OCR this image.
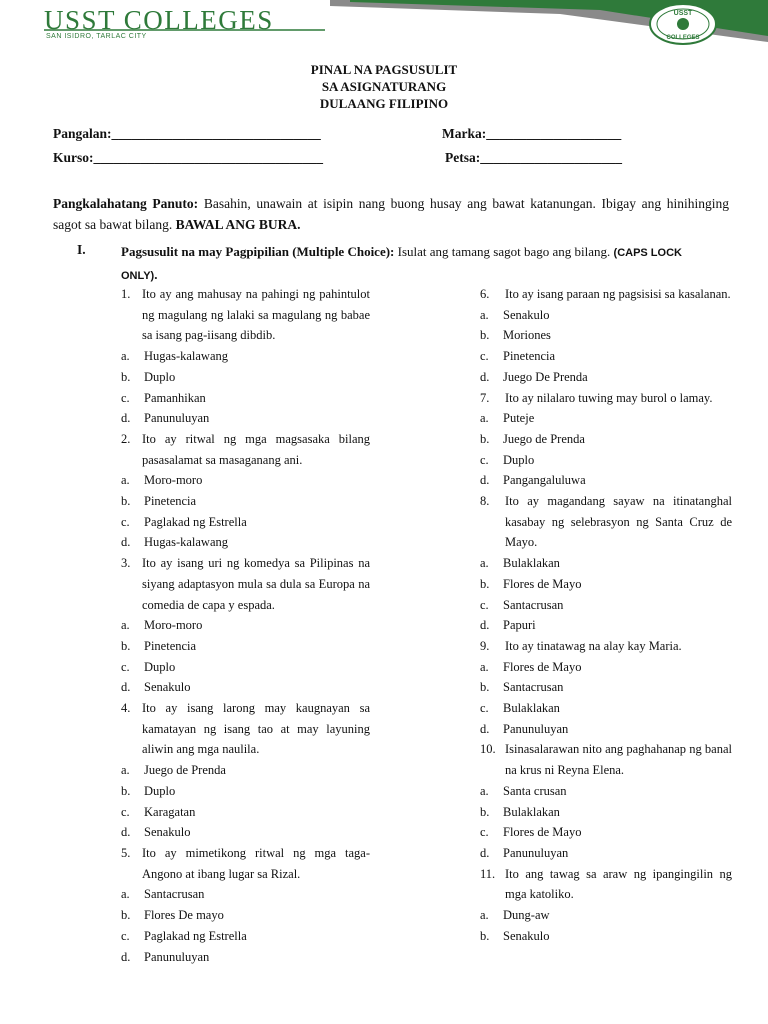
USST COLLEGES
SAN ISIDRO, TARLAC CITY
USST
COLLEGES
PINAL NA PAGSUSULIT
SA ASIGNATURANG
DULAANG FILIPINO
Pangalan:_______________________________	Marka:____________________
Kurso:__________________________________	Petsa:_____________________
Pangkalahatang Panuto: Basahin, unawain at isipin nang buong husay ang bawat katanungan. Ibigay ang hinihinging sagot sa bawat bilang. BAWAL ANG BURA.
I.	Pagsusulit na may Pagpipilian (Multiple Choice): Isulat ang tamang sagot bago ang bilang. (CAPS LOCK ONLY).
1. Ito ay ang mahusay na pahingi ng pahintulot ng magulang ng lalaki sa magulang ng babae sa isang pag-iisang dibdib.
a. Hugas-kalawang
b. Duplo
c. Pamanhikan
d. Panunuluyan
2. Ito ay ritwal ng mga magsasaka bilang pasasalamat sa masaganang ani.
a. Moro-moro
b. Pinetencia
c. Paglakad ng Estrella
d. Hugas-kalawang
3. Ito ay isang uri ng komedya sa Pilipinas na siyang adaptasyon mula sa dula sa Europa na comedia de capa y espada.
a. Moro-moro
b. Pinetencia
c. Duplo
d. Senakulo
4. Ito ay isang larong may kaugnayan sa kamatayan ng isang tao at may layuning aliwin ang mga naulila.
a. Juego de Prenda
b. Duplo
c. Karagatan
d. Senakulo
5. Ito ay mimetikong ritwal ng mga taga-Angono at ibang lugar sa Rizal.
a. Santacrusan
b. Flores De mayo
c. Paglakad ng Estrella
d. Panunuluyan
6. Ito ay isang paraan ng pagsisisi sa kasalanan.
a. Senakulo
b. Moriones
c. Pinetencia
d. Juego De Prenda
7. Ito ay nilalaro tuwing may burol o lamay.
a. Puteje
b. Juego de Prenda
c. Duplo
d. Pangangaluluwa
8. Ito ay magandang sayaw na itinatanghal kasabay ng selebrasyon ng Santa Cruz de Mayo.
a. Bulaklakan
b. Flores de Mayo
c. Santacrusan
d. Papuri
9. Ito ay tinatawag na alay kay Maria.
a. Flores de Mayo
b. Santacrusan
c. Bulaklakan
d. Panunuluyan
10. Isinasalarawan nito ang paghahanap ng banal na krus ni Reyna Elena.
a. Santa crusan
b. Bulaklakan
c. Flores de Mayo
d. Panunuluyan
11. Ito ang tawag sa araw ng ipangingilin ng mga katoliko.
a. Dung-aw
b. Senakulo
